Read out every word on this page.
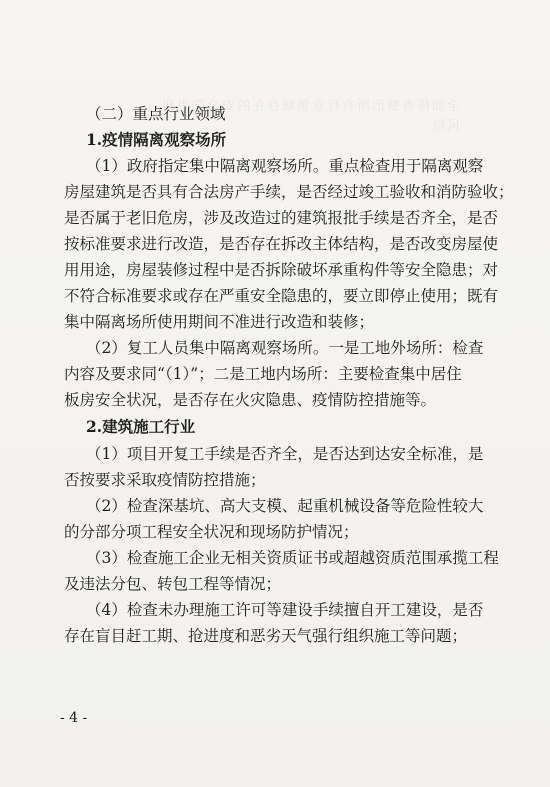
全面排查整治所有行业领域存在的安全隐患和风险
（二）重点行业领域
1.疫情隔离观察场所
（1）政府指定集中隔离观察场所。重点检查用于隔离观察
房屋建筑是否具有合法房产手续，是否经过竣工验收和消防验收；
是否属于老旧危房，涉及改造过的建筑报批手续是否齐全，是否
按标准要求进行改造，是否存在拆改主体结构，是否改变房屋使
用用途，房屋装修过程中是否拆除破坏承重构件等安全隐患；对
不符合标准要求或存在严重安全隐患的，要立即停止使用；既有
集中隔离场所使用期间不准进行改造和装修；
（2）复工人员集中隔离观察场所。一是工地外场所：检查
内容及要求同“（1）”；二是工地内场所：主要检查集中居住
板房安全状况，是否存在火灾隐患、疫情防控措施等。
2.建筑施工行业
（1）项目开复工手续是否齐全，是否达到达安全标准，是
否按要求采取疫情防控措施；
（2）检查深基坑、高大支模、起重机械设备等危险性较大
的分部分项工程安全状况和现场防护情况；
（3）检查施工企业无相关资质证书或超越资质范围承揽工程
及违法分包、转包工程等情况；
（4）检查未办理施工许可等建设手续擅自开工建设，是否
存在盲目赶工期、抢进度和恶劣天气强行组织施工等问题；
- 4 -
